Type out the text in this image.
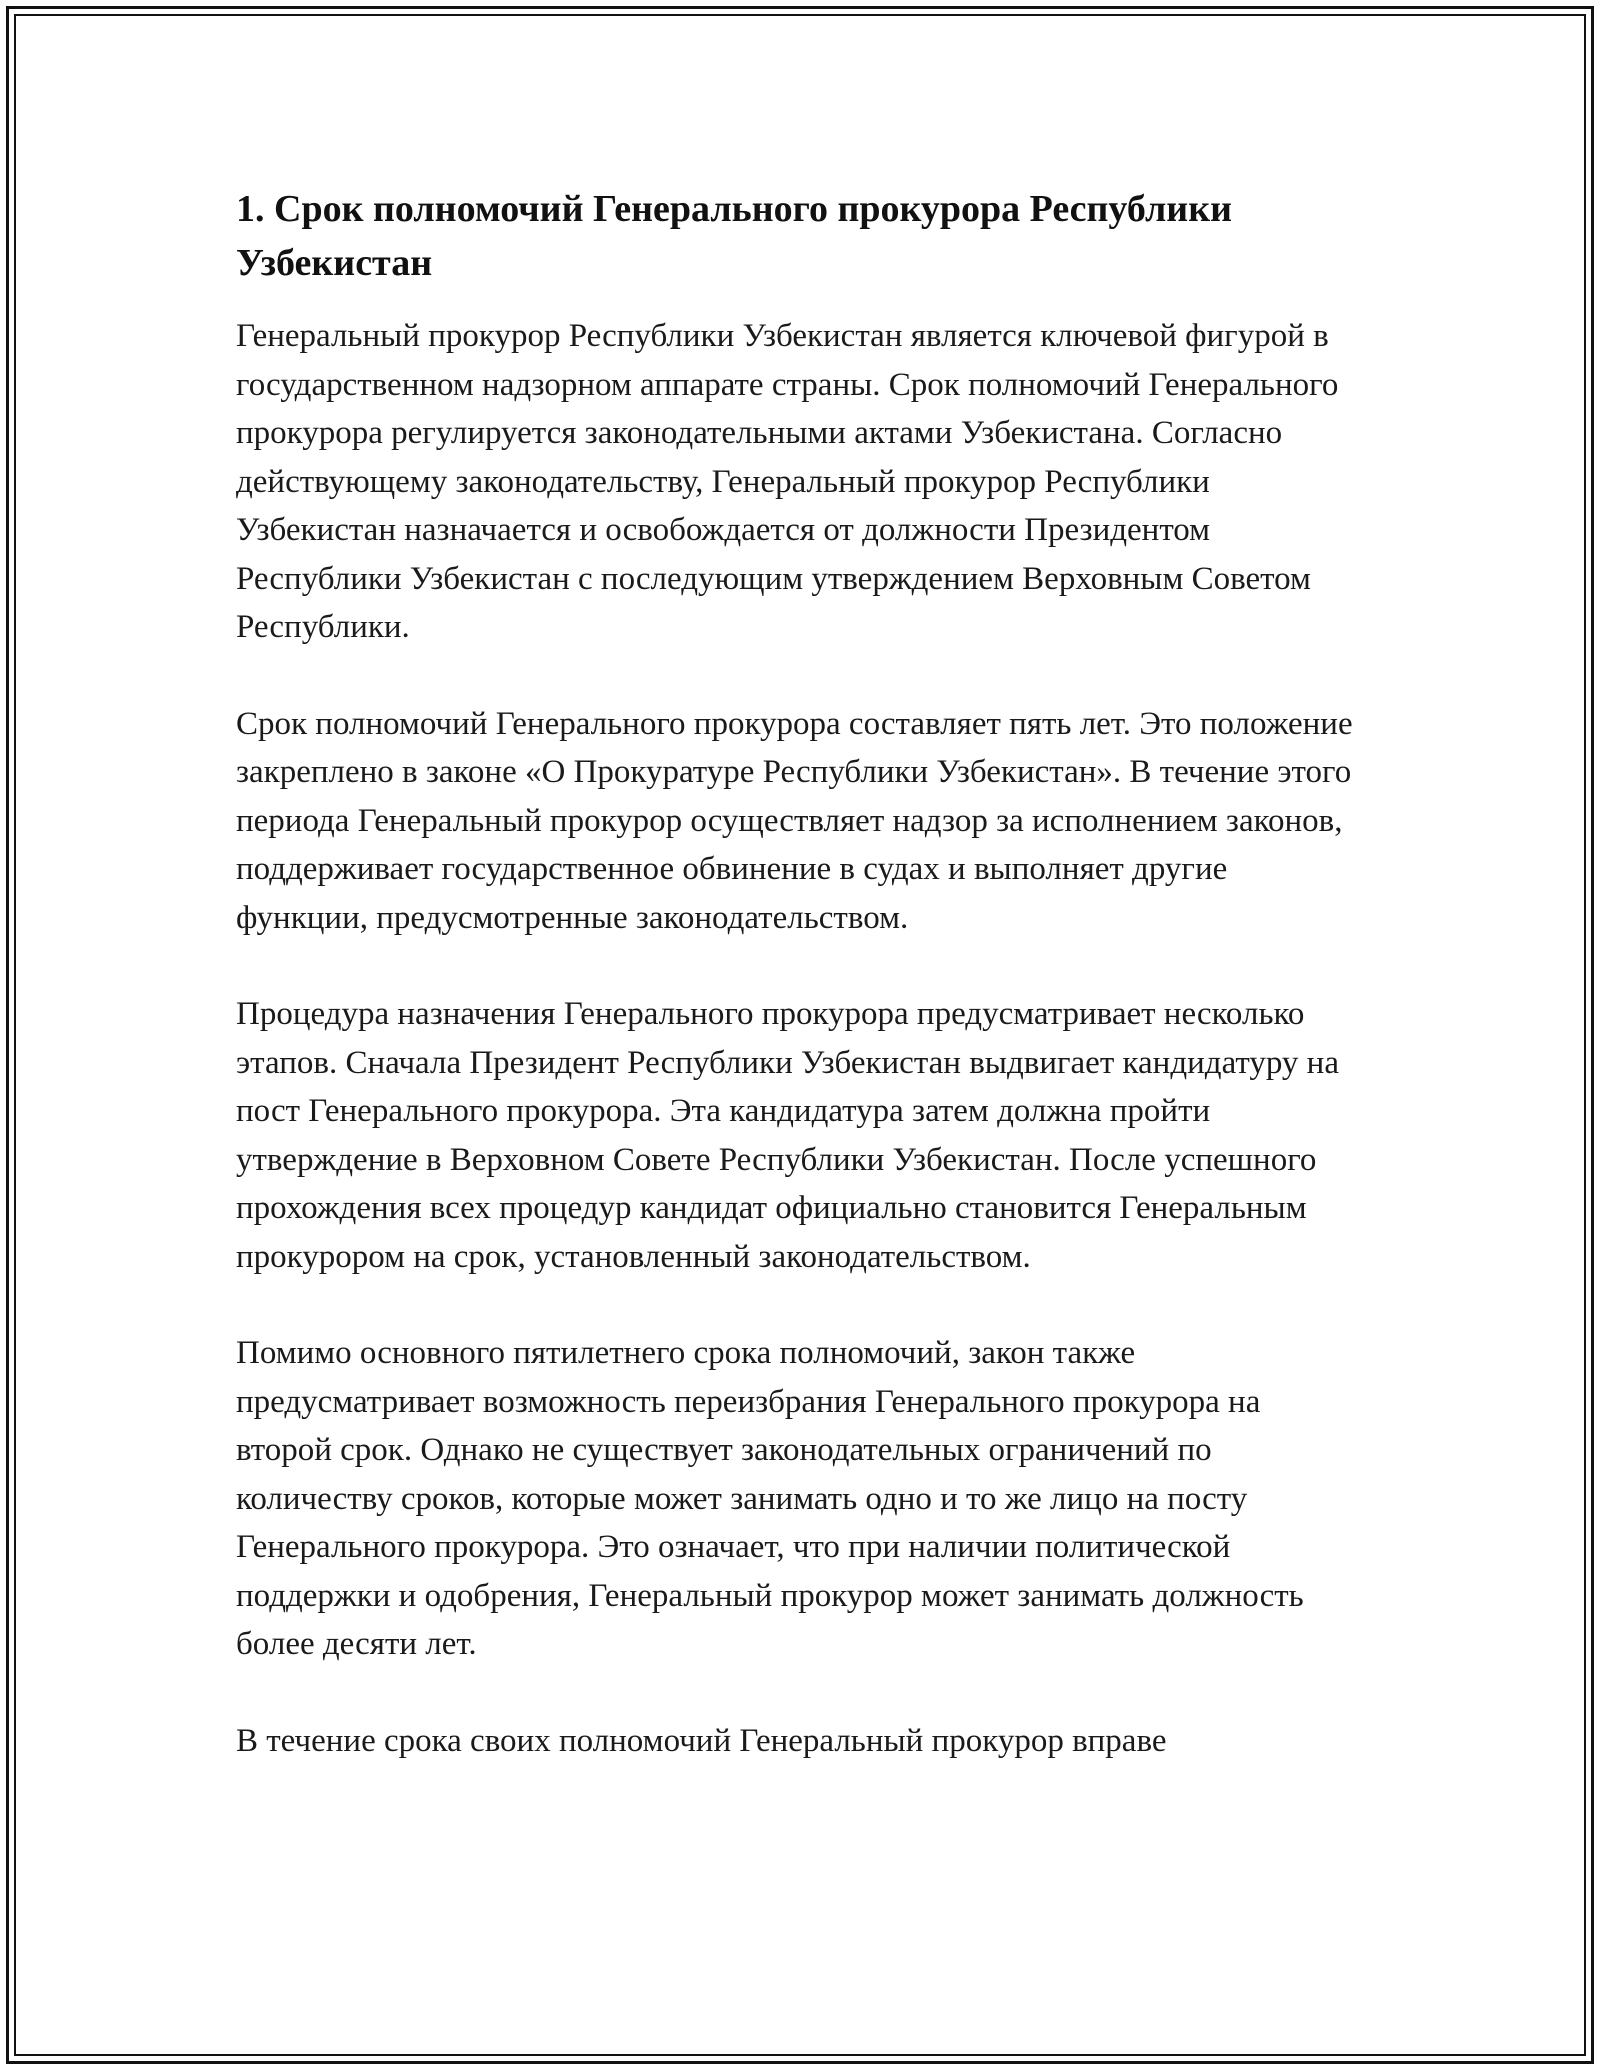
1. Срок полномочий Генерального прокурора Республики Узбекистан

Генеральный прокурор Республики Узбекистан является ключевой фигурой в государственном надзорном аппарате страны. Срок полномочий Генерального прокурора регулируется законодательными актами Узбекистана. Согласно действующему законодательству, Генеральный прокурор Республики Узбекистан назначается и освобождается от должности Президентом Республики Узбекистан с последующим утверждением Верховным Советом Республики.

Срок полномочий Генерального прокурора составляет пять лет. Это положение закреплено в законе «О Прокуратуре Республики Узбекистан». В течение этого периода Генеральный прокурор осуществляет надзор за исполнением законов, поддерживает государственное обвинение в судах и выполняет другие функции, предусмотренные законодательством.

Процедура назначения Генерального прокурора предусматривает несколько этапов. Сначала Президент Республики Узбекистан выдвигает кандидатуру на пост Генерального прокурора. Эта кандидатура затем должна пройти утверждение в Верховном Совете Республики Узбекистан. После успешного прохождения всех процедур кандидат официально становится Генеральным прокурором на срок, установленный законодательством.

Помимо основного пятилетнего срока полномочий, закон также предусматривает возможность переизбрания Генерального прокурора на второй срок. Однако не существует законодательных ограничений по количеству сроков, которые может занимать одно и то же лицо на посту Генерального прокурора. Это означает, что при наличии политической поддержки и одобрения, Генеральный прокурор может занимать должность более десяти лет.

В течение срока своих полномочий Генеральный прокурор вправе
